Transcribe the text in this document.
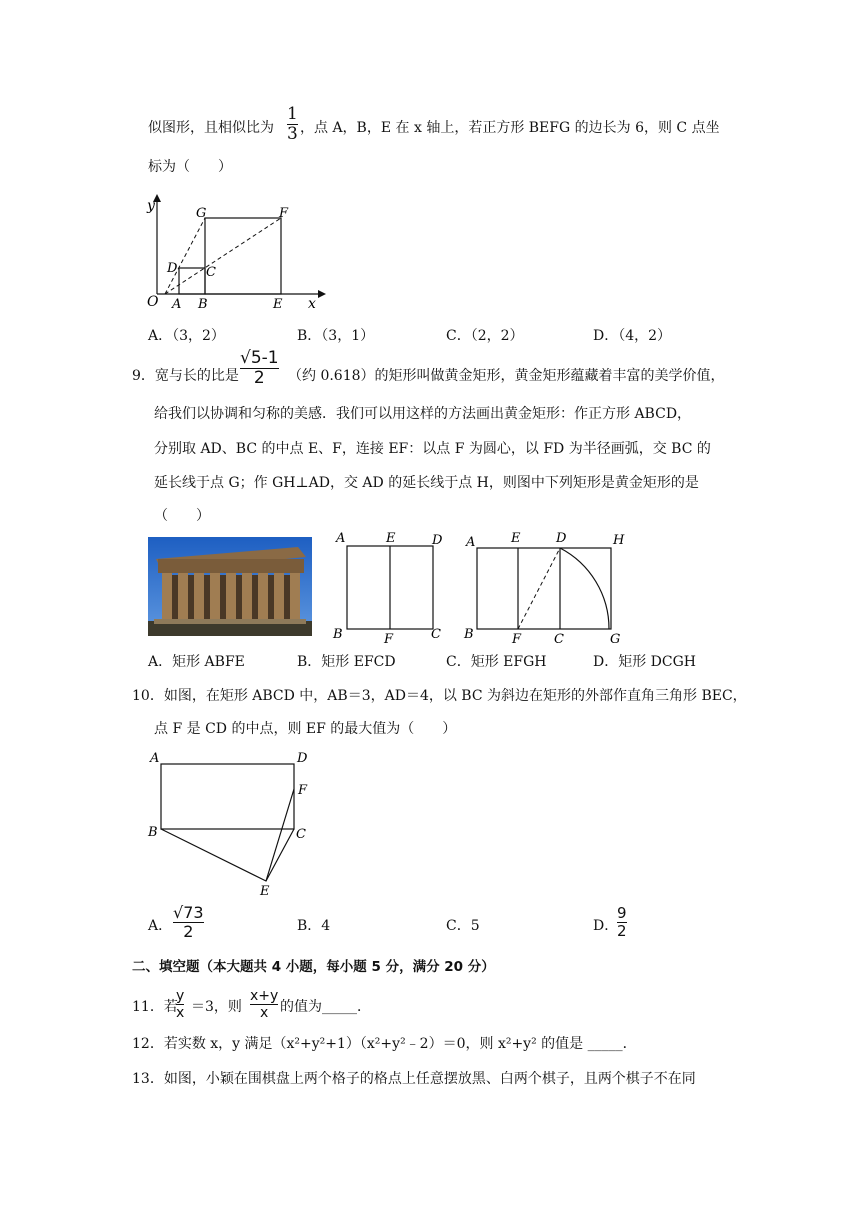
似图形，且相似比为
1
3 ，点 A，B，E 在 x 轴上，若正方形 BEFG 的边长为 6，则 C 点坐
标为（　　）
y
x
O A B	E
D C
G	F
A．（3，2）	B．（3，1）	C．（2，2）	D．（4，2）
9．宽与长的比是
√5-1
2	（约 0.618）的矩形叫做黄金矩形，黄金矩形蕴藏着丰富的美学价值，
给我们以协调和匀称的美感．我们可以用这样的方法画出黄金矩形：作正方形 ABCD，
分别取 AD、BC 的中点 E、F，连接 EF：以点 F 为圆心，以 FD 为半径画弧，交 BC 的
延长线于点 G；作 GH⊥AD，交 AD 的延长线于点 H，则图中下列矩形是黄金矩形的是
（　　）
A	E	D
B	F	C
A	E	D	H
B	F	C	G
A．矩形 ABFE	B．矩形 EFCD	C．矩形 EFGH	D．矩形 DCGH
10．如图，在矩形 ABCD 中，AB＝3，AD＝4，以 BC 为斜边在矩形的外部作直角三角形 BEC，
点 F 是 CD 的中点，则 EF 的最大值为（　　）
A	D
F
B	C
E
A．
√73
2	B．4	C．5	D．
9
2
二、填空题（本大题共 4 小题，每小题 5 分，满分 20 分）
11．若
y
x ＝3，则
x+y
x 的值为_____．
12．若实数 x，y 满足（x²+y²+1）（x²+y²﹣2）＝0，则 x²+y² 的值是 _____．
13．如图，小颖在围棋盘上两个格子的格点上任意摆放黑、白两个棋子，且两个棋子不在同
